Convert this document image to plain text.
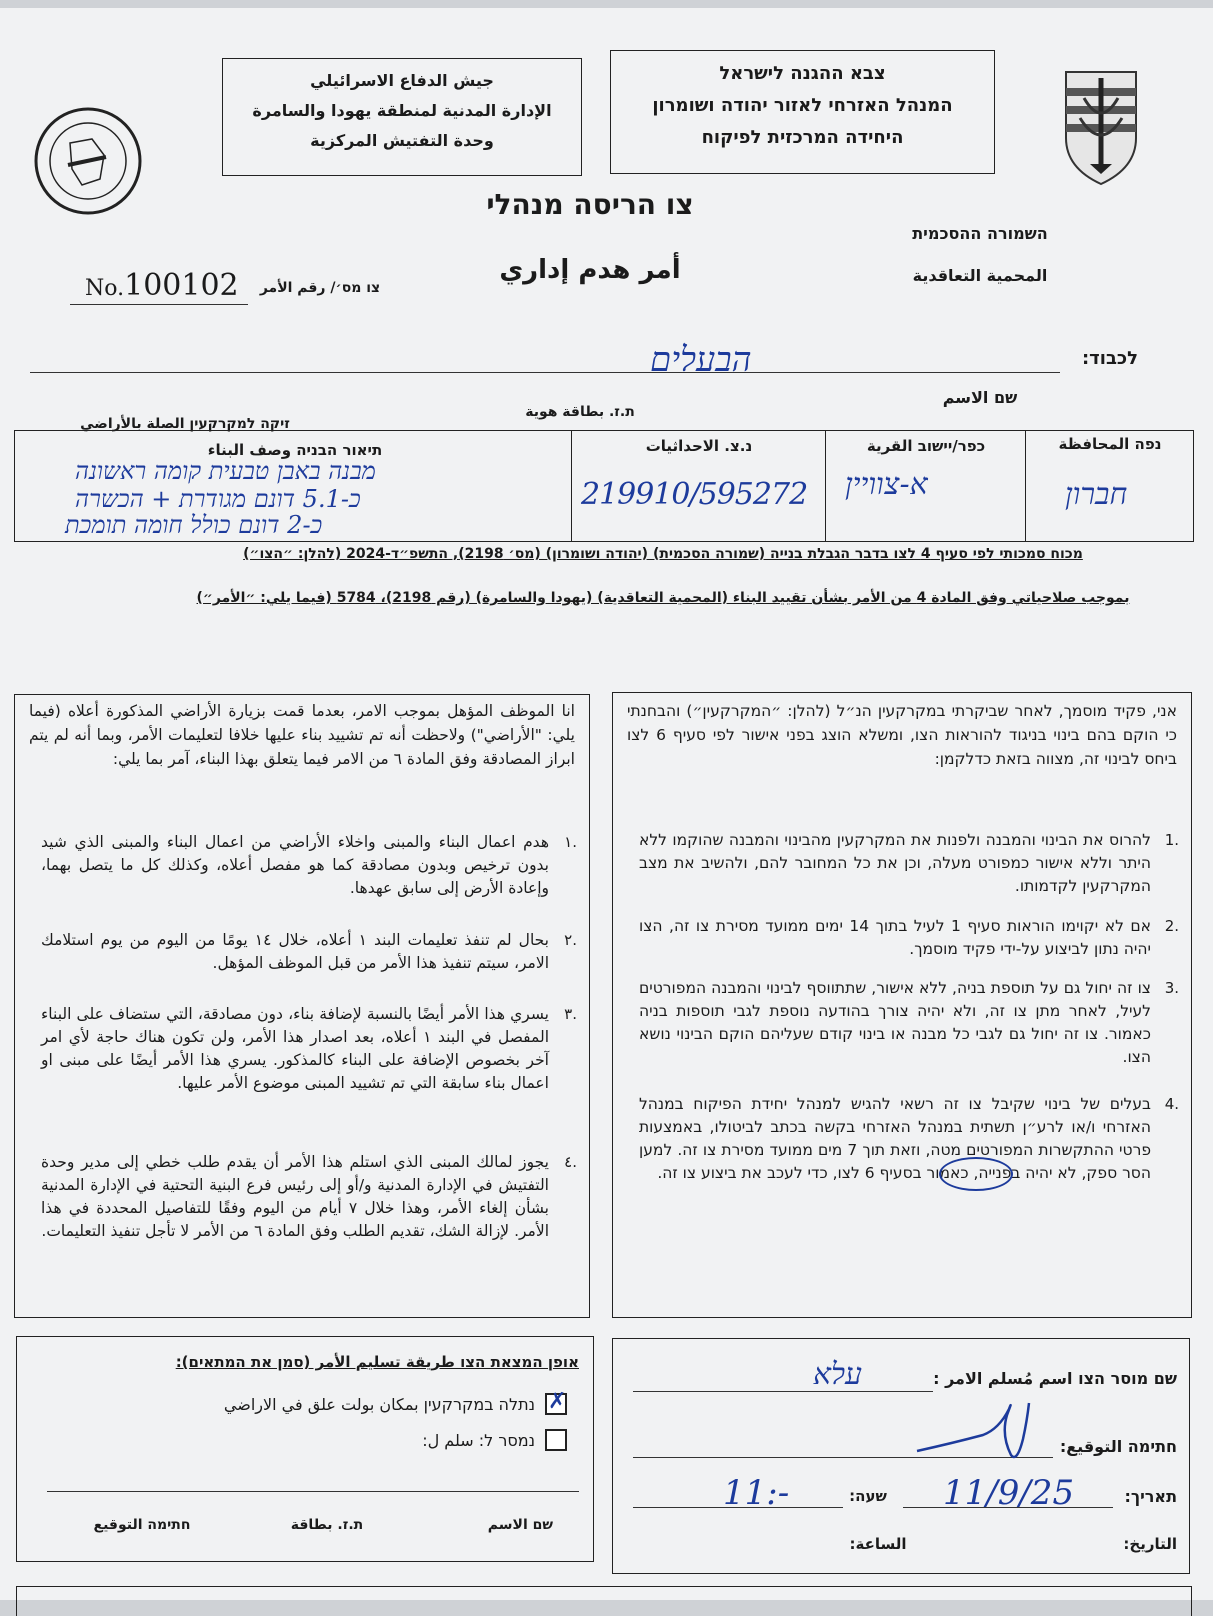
צבא ההגנה לישראל
המנהל האזרחי לאזור יהודה ושומרון
היחידה המרכזית לפיקוח
جيش الدفاع الاسرائيلي
الإدارة المدنية لمنطقة يهودا والسامرة
وحدة التفتيش المركزية
צו הריסה מנהלי
أمر هدم إداري
השמורה ההסכמית
المحمية التعاقدية
צו מס׳/ رقم الأمر
No.100102
לכבוד:
הבעלים
שם الاسم
ת.ז. بطاقة هوية
זיקה למקרקעין الصلة بالأراضي
נפה المحافظة
כפר/יישוב القرية
נ.צ. الاحداثيات
תיאור הבניה وصف البناء
חברון
א-צוויין
219910/595272
מבנה באבן טבעית קומה ראשונה
כ-5.1 דונם מגודרת + הכשרה
כ-2 דונם כולל חומה תומכת
מכוח סמכותי לפי סעיף 4 לצו בדבר הגבלת בנייה (שמורה הסכמית) (יהודה ושומרון) (מס׳ 2198), התשפ״ד-2024 (להלן: ״הצו״)
بموجب صلاحياتي وفق المادة 4 من الأمر بشأن تقييد البناء (المحمية التعاقدية) (يهودا والسامرة) (رقم 2198)، 5784 (فيما يلي: ״الأمر״)
אני, פקיד מוסמך, לאחר שביקרתי במקרקעין הנ״ל (להלן: ״המקרקעין״) והבחנתי כי הוקם בהם בינוי בניגוד להוראות הצו, ומשלא הוצג בפני אישור לפי סעיף 6 לצו ביחס לבינוי זה, מצווה בזאת כדלקמן:
1.
להרוס את הבינוי והמבנה ולפנות את המקרקעין מהבינוי והמבנה שהוקמו ללא היתר וללא אישור כמפורט מעלה, וכן את כל המחובר להם, ולהשיב את מצב המקרקעין לקדמותו.
2.
אם לא יקוימו הוראות סעיף 1 לעיל בתוך 14 ימים ממועד מסירת צו זה, הצו יהיה נתון לביצוע על-ידי פקיד מוסמך.
3.
צו זה יחול גם על תוספת בניה, ללא אישור, שתתווסף לבינוי והמבנה המפורטים לעיל, לאחר מתן צו זה, ולא יהיה צורך בהודעה נוספת לגבי תוספות בניה כאמור. צו זה יחול גם לגבי כל מבנה או בינוי קודם שעליהם הוקם הבינוי נושא הצו.
4.
בעלים של בינוי שקיבל צו זה רשאי להגיש למנהל יחידת הפיקוח במנהל האזרחי ו/או לרע״ן תשתית במנהל האזרחי בקשה בכתב לביטולו, באמצעות פרטי ההתקשרות המפורטים מטה, וזאת תוך 7 מים ממועד מסירת צו זה. למען הסר ספק, לא יהיה בפנייה, כאמור בסעיף 6 לצו, כדי לעכב את ביצוע צו זה.
انا الموظف المؤهل بموجب الامر، بعدما قمت بزيارة الأراضي المذكورة أعلاه (فيما يلي: "الأراضي") ولاحظت أنه تم تشييد بناء عليها خلافا لتعليمات الأمر، وبما أنه لم يتم ابراز المصادقة وفق المادة ٦ من الامر فيما يتعلق بهذا البناء، آمر بما يلي:
١.
هدم اعمال البناء والمبنى واخلاء الأراضي من اعمال البناء والمبنى الذي شيد بدون ترخيص وبدون مصادقة كما هو مفصل أعلاه، وكذلك كل ما يتصل بهما، وإعادة الأرض إلى سابق عهدها.
٢.
بحال لم تنفذ تعليمات البند ١ أعلاه، خلال ١٤ يومًا من اليوم من يوم استلامك الامر، سيتم تنفيذ هذا الأمر من قبل الموظف المؤهل.
٣.
يسري هذا الأمر أيضًا بالنسبة لإضافة بناء، دون مصادقة، التي ستضاف على البناء المفصل في البند ١ أعلاه، بعد اصدار هذا الأمر، ولن تكون هناك حاجة لأي امر آخر بخصوص الإضافة على البناء كالمذكور. يسري هذا الأمر أيضًا على مبنى او اعمال بناء سابقة التي تم تشييد المبنى موضوع الأمر عليها.
٤.
يجوز لمالك المبنى الذي استلم هذا الأمر أن يقدم طلب خطي إلى مدير وحدة التفتيش في الإدارة المدنية و/أو إلى رئيس فرع البنية التحتية في الإدارة المدنية بشأن إلغاء الأمر، وهذا خلال ٧ أيام من اليوم وفقًا للتفاصيل المحددة في هذا الأمر. لإزالة الشك، تقديم الطلب وفق المادة ٦ من الأمر لا تأجل تنفيذ التعليمات.
אופן המצאת הצו طريقة تسليم الأمر (סמן את המתאים):
✗
נתלה במקרקעין بمكان بولت علق في الاراضي
נמסר ל: سلم ل:
שם الاسم
ת.ז. بطاقة
חתימה التوقيع
שם מוסר הצו اسم مُسلم الامر :
עלא
חתימה التوقيع:
תאריך:
11/9/25
שעה:
11:-
التاريخ:
الساعة:
